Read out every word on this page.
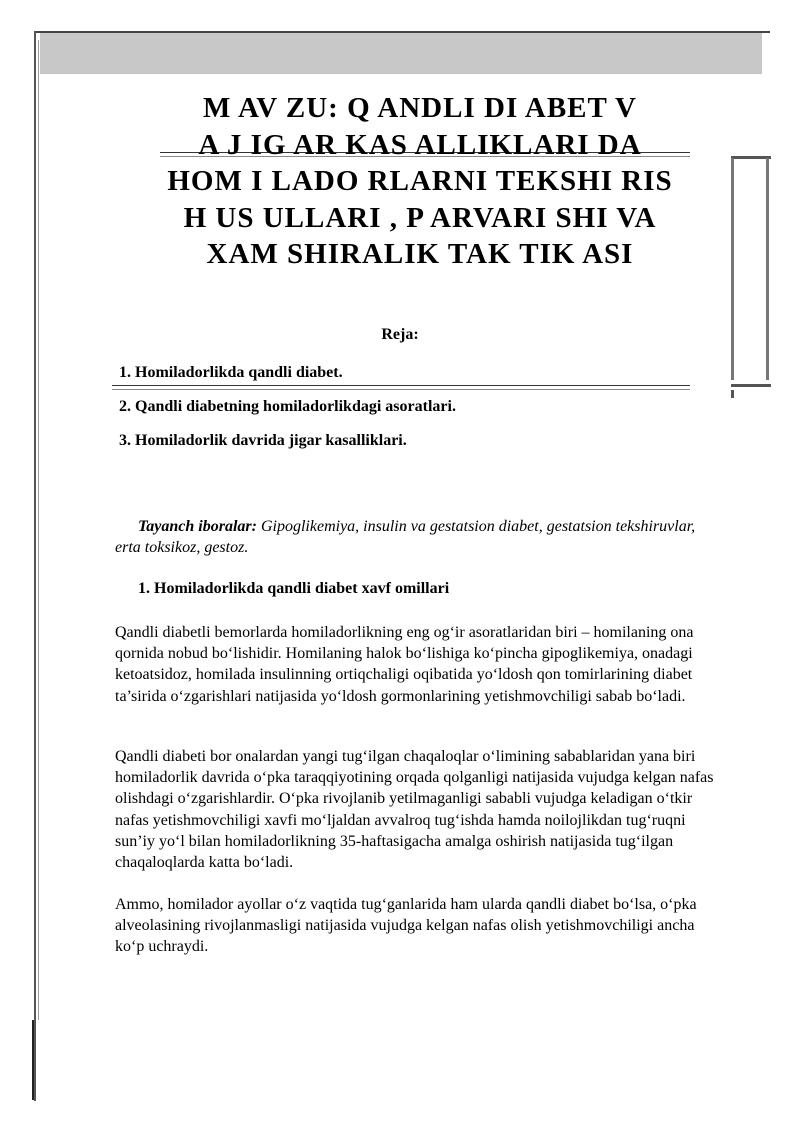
M AV ZU: Q ANDLI DI ABET V
A J IG AR KAS ALLIKLARI DA
HOM I LADO RLARNI TEKSHI RIS
H US ULLARI , P ARVARI SHI VA
XAM SHIRALIK TAK TIK ASI

Reja:

1. Homiladorlikda qandli diabet.
2. Qandli diabetning homiladorlikdagi asoratlari.
3. Homiladorlik davrida jigar kasalliklari.

Tayanch iboralar: Gipoglikemiya, insulin va gestatsion diabet, gestatsion tekshiruvlar, erta toksikoz, gestoz.

1. Homiladorlikda qandli diabet xavf omillari

Qandli diabetli bemorlarda homiladorlikning eng og‘ir asoratlaridan biri – homilaning ona qornida nobud bo‘lishidir. Homilaning halok bo‘lishiga ko‘pincha gipoglikemiya, onadagi ketoatsidoz, homilada insulinning ortiqchaligi oqibatida yo‘ldosh qon tomirlarining diabet ta’sirida o‘zgarishlari natijasida yo‘ldosh gormonlarining yetishmovchiligi sabab bo‘ladi.

Qandli diabeti bor onalardan yangi tug‘ilgan chaqaloqlar o‘limining sabablaridan yana biri homiladorlik davrida o‘pka taraqqiyotining orqada qolganligi natijasida vujudga kelgan nafas olishdagi o‘zgarishlardir. O‘pka rivojlanib yetilmaganligi sababli vujudga keladigan o‘tkir nafas yetishmovchiligi xavfi mo‘ljaldan avvalroq tug‘ishda hamda noilojlikdan tug‘ruqni sun’iy yo‘l bilan homiladorlikning 35-haftasigacha amalga oshirish natijasida tug‘ilgan chaqaloqlarda katta bo‘ladi.

Ammo, homilador ayollar o‘z vaqtida tug‘ganlarida ham ularda qandli diabet bo‘lsa, o‘pka alveolasining rivojlanmasligi natijasida vujudga kelgan nafas olish yetishmovchiligi ancha ko‘p uchraydi.
